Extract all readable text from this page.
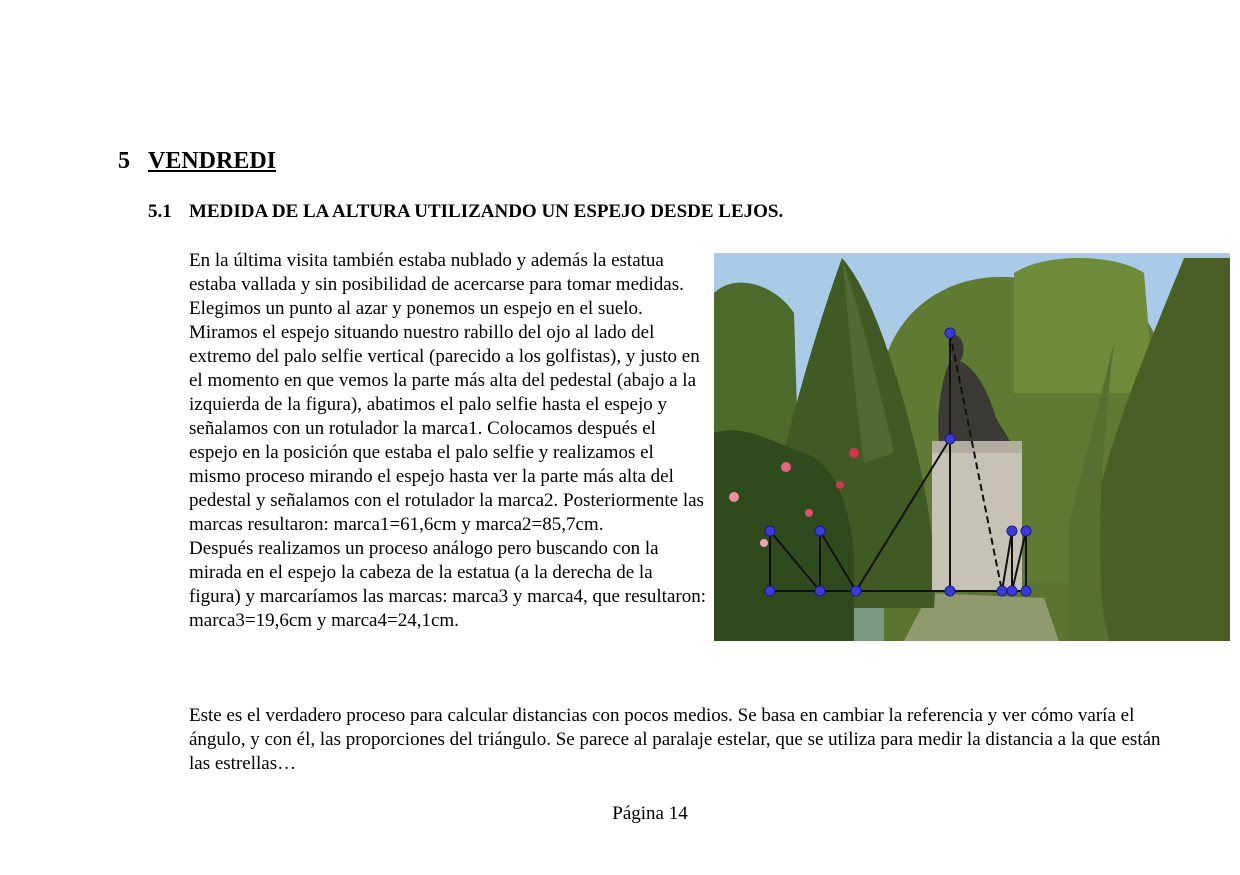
5 VENDREDI
5.1 MEDIDA DE LA ALTURA UTILIZANDO UN ESPEJO DESDE LEJOS.

En la última visita también estaba nublado y además la estatua estaba vallada y sin posibilidad de acercarse para tomar medidas.

Elegimos un punto al azar y ponemos un espejo en el suelo. Miramos el espejo situando nuestro rabillo del ojo al lado del extremo del palo selfie vertical (parecido a los golfistas), y justo en el momento en que vemos la parte más alta del pedestal (abajo a la izquierda de la figura), abatimos el palo selfie hasta el espejo y señalamos con un rotulador la marca1. Colocamos después el espejo en la posición que estaba el palo selfie y realizamos el mismo proceso mirando el espejo hasta ver la parte más alta del pedestal y señalamos con el rotulador la marca2. Posteriormente las marcas resultaron: marca1=61,6cm y marca2=85,7cm.

Después realizamos un proceso análogo pero buscando con la mirada en el espejo la cabeza de la estatua (a la derecha de la figura) y marcaríamos las marcas: marca3 y marca4, que resultaron: marca3=19,6cm y marca4=24,1cm.

Este es el verdadero proceso para calcular distancias con pocos medios. Se basa en cambiar la referencia y ver cómo varía el ángulo, y con él, las proporciones del triángulo. Se parece al paralaje estelar, que se utiliza para medir la distancia a la que están las estrellas…

Página 14
